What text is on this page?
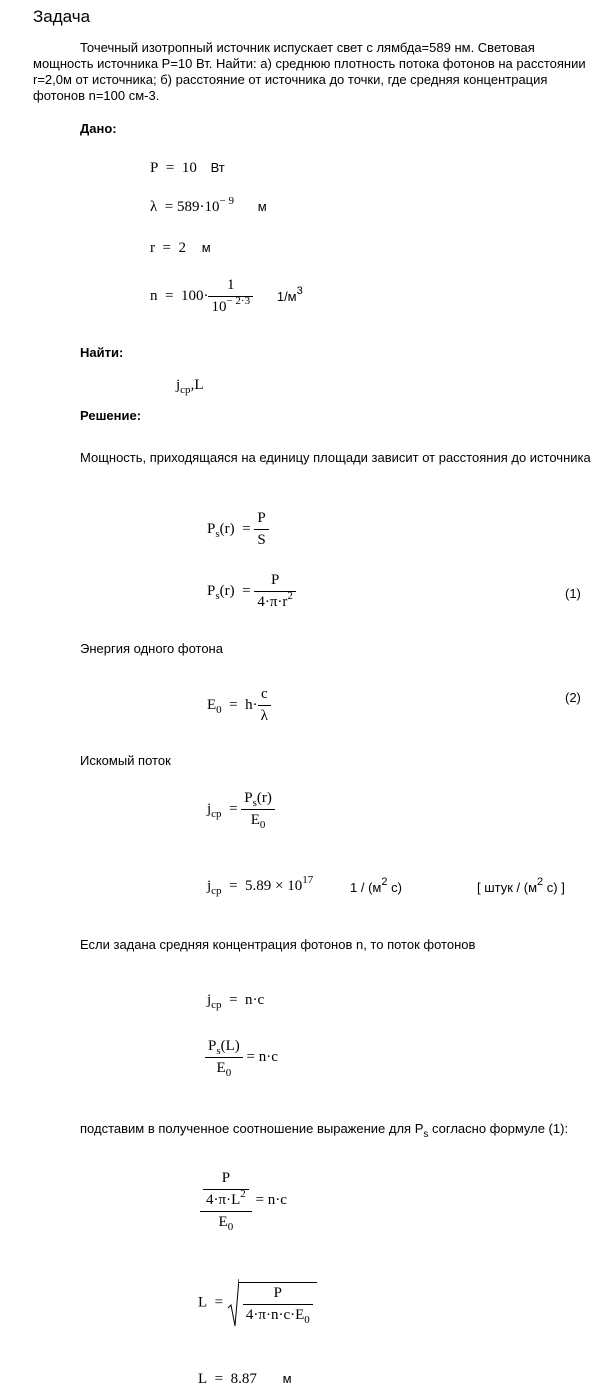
Задача
Точечный изотропный источник испускает свет с лямбда=589 нм. Световая мощность источника P=10 Вт. Найти: а) среднюю плотность потока фотонов на расстоянии r=2,0м от источника; б) расстояние от источника до точки, где средняя концентрация фотонов n=100 см-3.
Дано:
P = 10 Вт
$\lambda = 589\cdot 10^{- 9}$ м
r = 2 м
$n = 100\cdot \frac{1}{10^{- 2\cdot 3}} 1/м^3$
Найти:
$j_{ср},L$
Решение:
Мощность, приходящаяся на единицу площади зависит от расстояния до источника
$P_s(r) = \frac{P}{S}$
$P_s(r) = \frac{P}{4\cdot\pi\cdot r^2}$	(1)
Энергия одного фотона
$E_0 = h\cdot \frac{c}{\lambda}$	(2)
Искомый поток
$j_{ср} = \frac{P_s(r)}{E_0}$
$j_{ср} = 5.89 \times 10^{17}$	$1 / (м^2$ с)	[ штук / ($м^2$ с) ]
Если задана средняя концентрация фотонов n, то поток фотонов
$j_{ср} = n\cdot c$
$\frac{P_s(L)}{E_0} = n\cdot c$
подставим в полученное соотношение выражение для $P_s$ согласно формуле (1):
$\frac{\frac{P}{4\cdot\pi\cdot L^2}}{E_0} = n\cdot c$
$L = \frac{P}{4\cdot\pi\cdot n\cdot c\cdot E_0}$
L = 8.87 м
